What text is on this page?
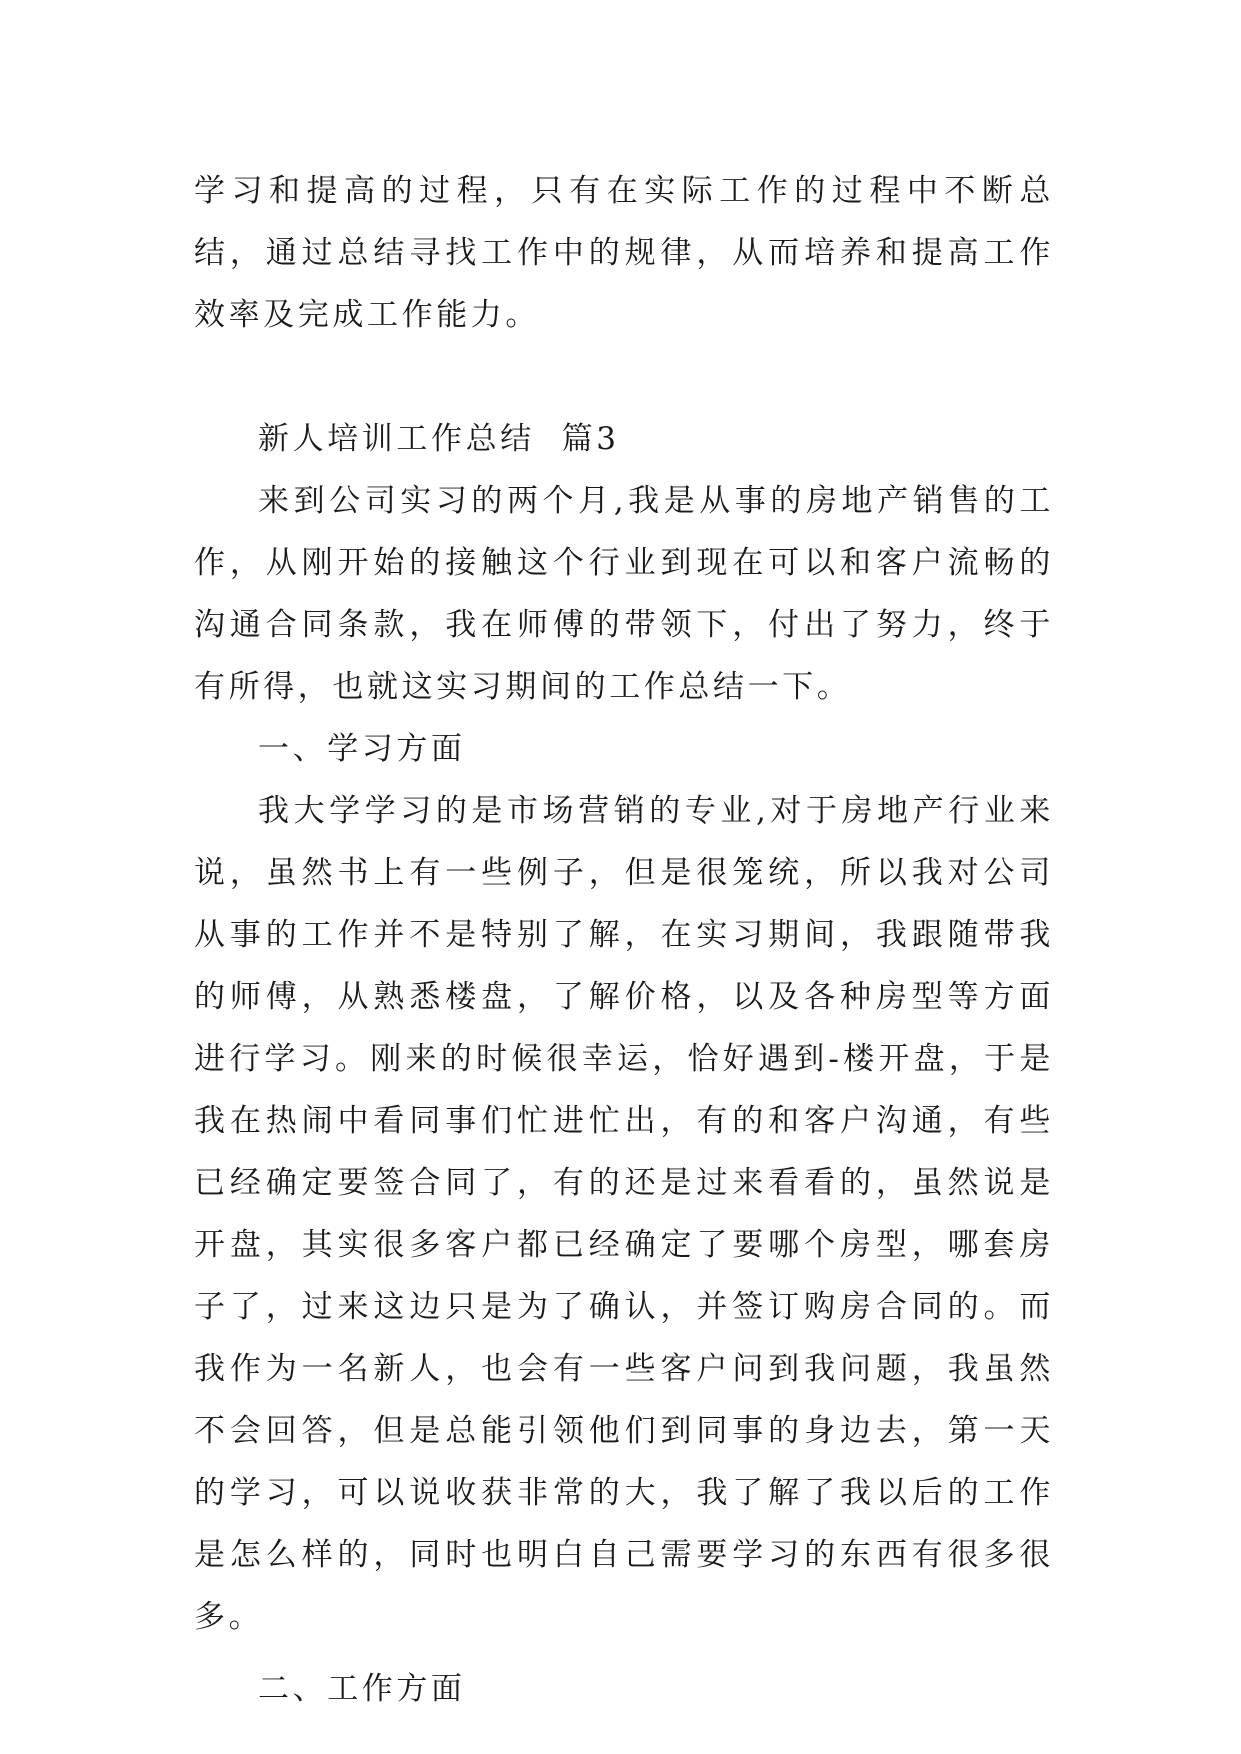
学习和提高的过程，只有在实际工作的过程中不断总结，通过总结寻找工作中的规律，从而培养和提高工作效率及完成工作能力。

新人培训工作总结  篇3

来到公司实习的两个月,我是从事的房地产销售的工作，从刚开始的接触这个行业到现在可以和客户流畅的沟通合同条款，我在师傅的带领下，付出了努力，终于有所得，也就这实习期间的工作总结一下。

一、学习方面

我大学学习的是市场营销的专业,对于房地产行业来说，虽然书上有一些例子，但是很笼统，所以我对公司从事的工作并不是特别了解，在实习期间，我跟随带我的师傅，从熟悉楼盘，了解价格，以及各种房型等方面进行学习。刚来的时候很幸运，恰好遇到-楼开盘，于是我在热闹中看同事们忙进忙出，有的和客户沟通，有些已经确定要签合同了，有的还是过来看看的，虽然说是开盘，其实很多客户都已经确定了要哪个房型，哪套房子了，过来这边只是为了确认，并签订购房合同的。而我作为一名新人，也会有一些客户问到我问题，我虽然不会回答，但是总能引领他们到同事的身边去，第一天的学习，可以说收获非常的大，我了解了我以后的工作是怎么样的，同时也明白自己需要学习的东西有很多很多。

二、工作方面
